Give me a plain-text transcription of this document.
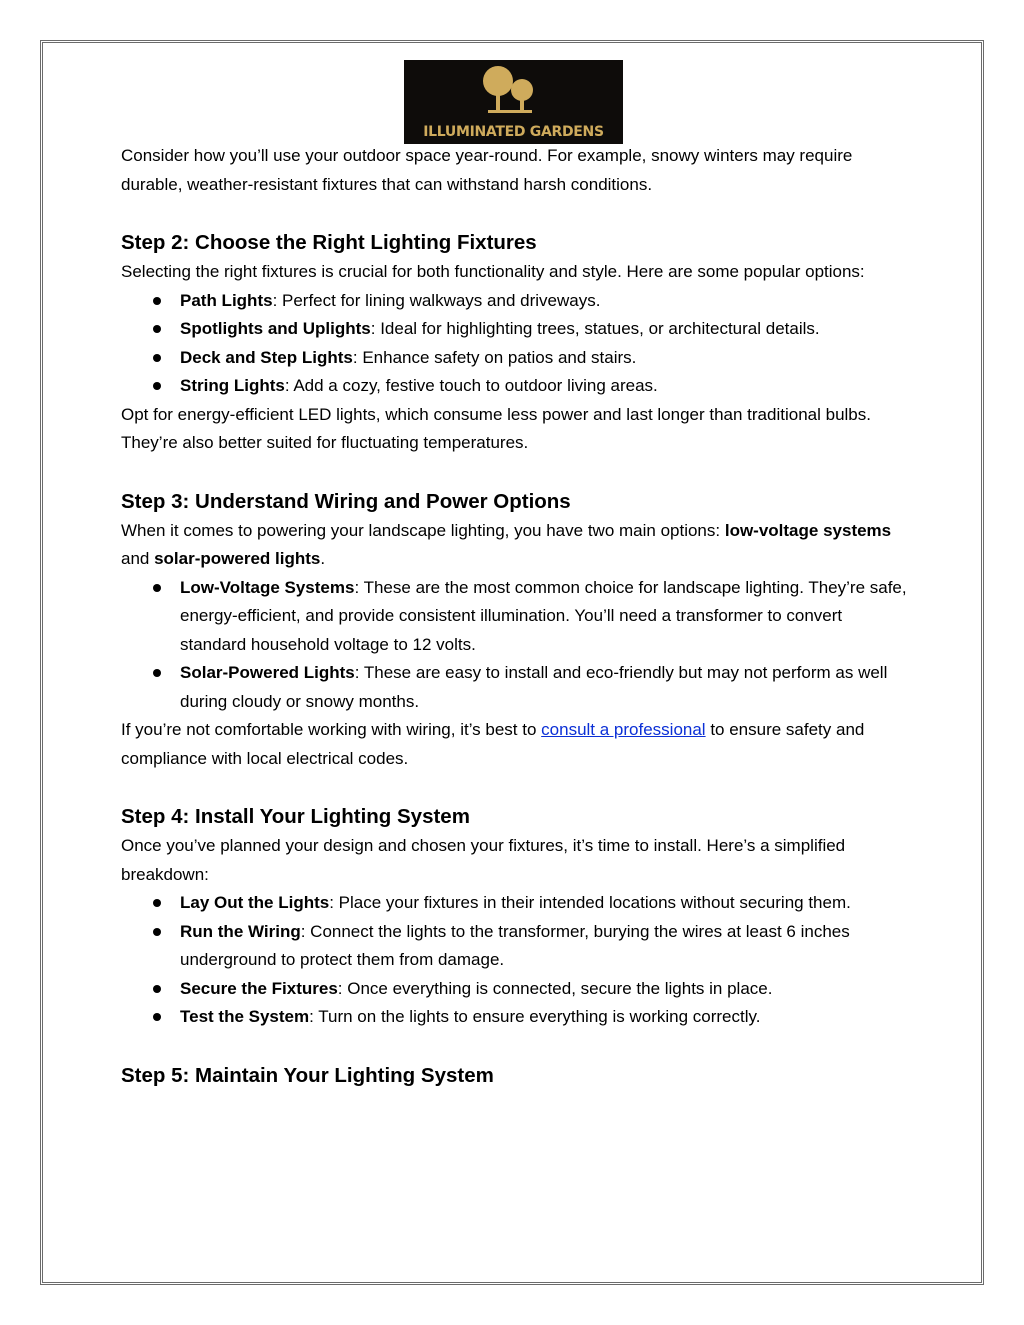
ILLUMINATED GARDENS

Consider how you’ll use your outdoor space year-round. For example, snowy winters may require durable, weather-resistant fixtures that can withstand harsh conditions.

Step 2: Choose the Right Lighting Fixtures

Selecting the right fixtures is crucial for both functionality and style. Here are some popular options:

Path Lights: Perfect for lining walkways and driveways.
Spotlights and Uplights: Ideal for highlighting trees, statues, or architectural details.
Deck and Step Lights: Enhance safety on patios and stairs.
String Lights: Add a cozy, festive touch to outdoor living areas.

Opt for energy-efficient LED lights, which consume less power and last longer than traditional bulbs. They’re also better suited for fluctuating temperatures.

Step 3: Understand Wiring and Power Options

When it comes to powering your landscape lighting, you have two main options: low-voltage systems and solar-powered lights.

Low-Voltage Systems: These are the most common choice for landscape lighting. They’re safe, energy-efficient, and provide consistent illumination. You’ll need a transformer to convert standard household voltage to 12 volts.
Solar-Powered Lights: These are easy to install and eco-friendly but may not perform as well during cloudy or snowy months.

If you’re not comfortable working with wiring, it’s best to consult a professional to ensure safety and compliance with local electrical codes.

Step 4: Install Your Lighting System

Once you’ve planned your design and chosen your fixtures, it’s time to install. Here’s a simplified breakdown:

Lay Out the Lights: Place your fixtures in their intended locations without securing them.
Run the Wiring: Connect the lights to the transformer, burying the wires at least 6 inches underground to protect them from damage.
Secure the Fixtures: Once everything is connected, secure the lights in place.
Test the System: Turn on the lights to ensure everything is working correctly.
Step 5: Maintain Your Lighting System
